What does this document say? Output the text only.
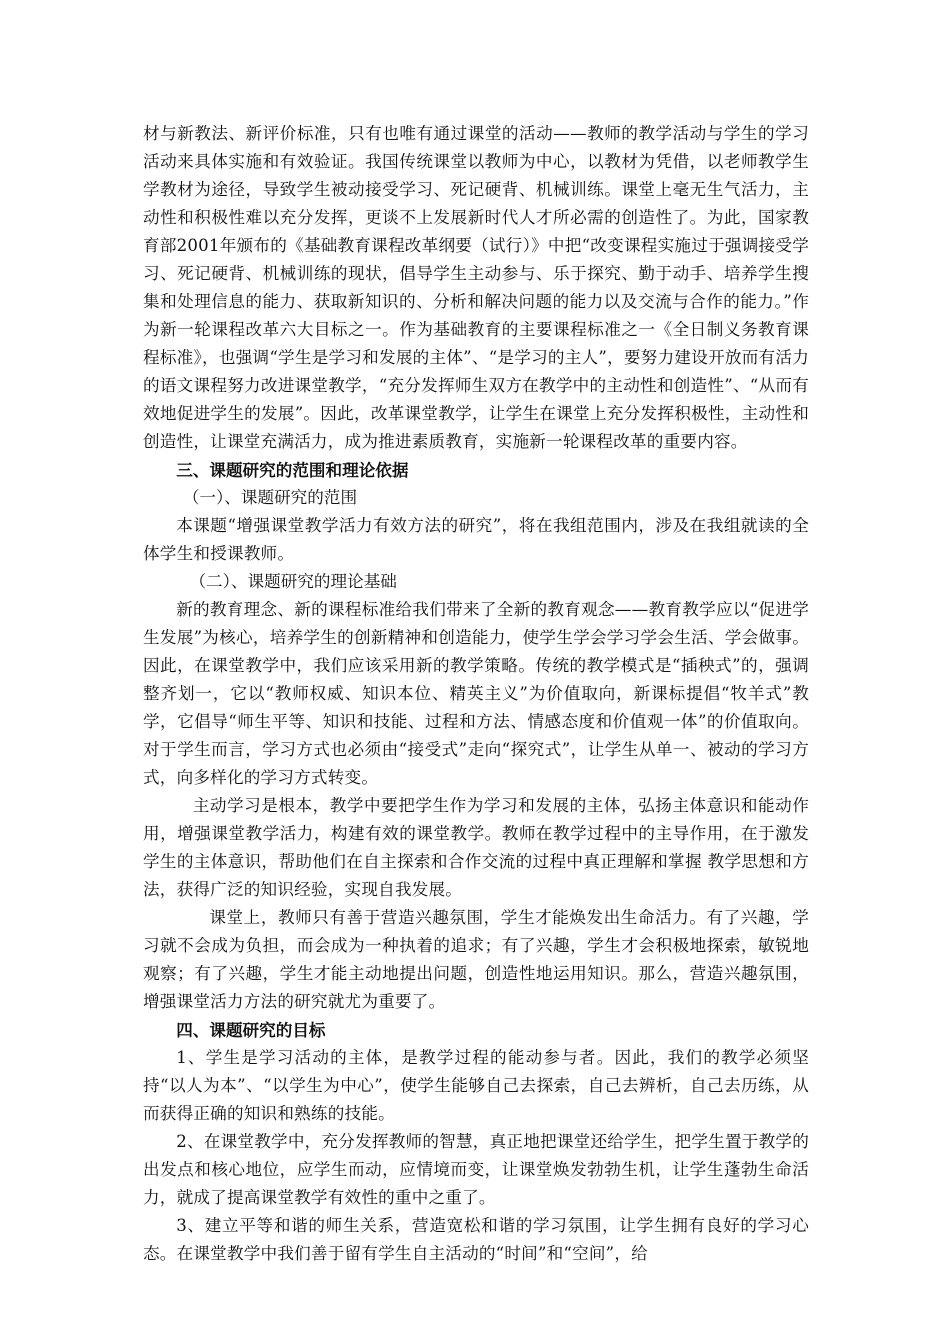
材与新教法、新评价标准，只有也唯有通过课堂的活动——教师的教学活动与学生的学习活动来具体实施和有效验证。我国传统课堂以教师为中心，以教材为凭借，以老师教学生学教材为途径，导致学生被动接受学习、死记硬背、机械训练。课堂上毫无生气活力，主动性和积极性难以充分发挥，更谈不上发展新时代人才所必需的创造性了。为此，国家教育部2001年颁布的《基础教育课程改革纲要（试行）》中把“改变课程实施过于强调接受学习、死记硬背、机械训练的现状，倡导学生主动参与、乐于探究、勤于动手、培养学生搜集和处理信息的能力、获取新知识的、分析和解决问题的能力以及交流与合作的能力。”作为新一轮课程改革六大目标之一。作为基础教育的主要课程标准之一《全日制义务教育课程标准》，也强调“学生是学习和发展的主体”、“是学习的主人”，要努力建设开放而有活力的语文课程努力改进课堂教学，“充分发挥师生双方在教学中的主动性和创造性”、“从而有效地促进学生的发展”。因此，改革课堂教学，让学生在课堂上充分发挥积极性，主动性和创造性，让课堂充满活力，成为推进素质教育，实施新一轮课程改革的重要内容。

三、课题研究的范围和理论依据

（一）、课题研究的范围

本课题“增强课堂教学活力有效方法的研究”，将在我组范围内，涉及在我组就读的全体学生和授课教师。

（二）、课题研究的理论基础

新的教育理念、新的课程标准给我们带来了全新的教育观念——教育教学应以“促进学生发展”为核心，培养学生的创新精神和创造能力，使学生学会学习学会生活、学会做事。因此，在课堂教学中，我们应该采用新的教学策略。传统的教学模式是“插秧式”的，强调整齐划一，它以“教师权威、知识本位、精英主义”为价值取向，新课标提倡“牧羊式”教学，它倡导“师生平等、知识和技能、过程和方法、情感态度和价值观一体”的价值取向。对于学生而言，学习方式也必须由“接受式”走向“探究式”，让学生从单一、被动的学习方式，向多样化的学习方式转变。

主动学习是根本，教学中要把学生作为学习和发展的主体，弘扬主体意识和能动作用，增强课堂教学活力，构建有效的课堂教学。教师在教学过程中的主导作用，在于激发学生的主体意识，帮助他们在自主探索和合作交流的过程中真正理解和掌握 教学思想和方法，获得广泛的知识经验，实现自我发展。

课堂上，教师只有善于营造兴趣氛围，学生才能焕发出生命活力。有了兴趣，学习就不会成为负担，而会成为一种执着的追求；有了兴趣，学生才会积极地探索，敏锐地观察；有了兴趣，学生才能主动地提出问题，创造性地运用知识。那么，营造兴趣氛围，增强课堂活力方法的研究就尤为重要了。

四、课题研究的目标

1、学生是学习活动的主体，是教学过程的能动参与者。因此，我们的教学必须坚持“以人为本”、“以学生为中心”，使学生能够自己去探索，自己去辨析，自己去历练，从而获得正确的知识和熟练的技能。

2、在课堂教学中，充分发挥教师的智慧，真正地把课堂还给学生，把学生置于教学的出发点和核心地位，应学生而动，应情境而变，让课堂焕发勃勃生机，让学生蓬勃生命活力，就成了提高课堂教学有效性的重中之重了。

3、建立平等和谐的师生关系，营造宽松和谐的学习氛围，让学生拥有良好的学习心态。在课堂教学中我们善于留有学生自主活动的“时间”和“空间”，给
